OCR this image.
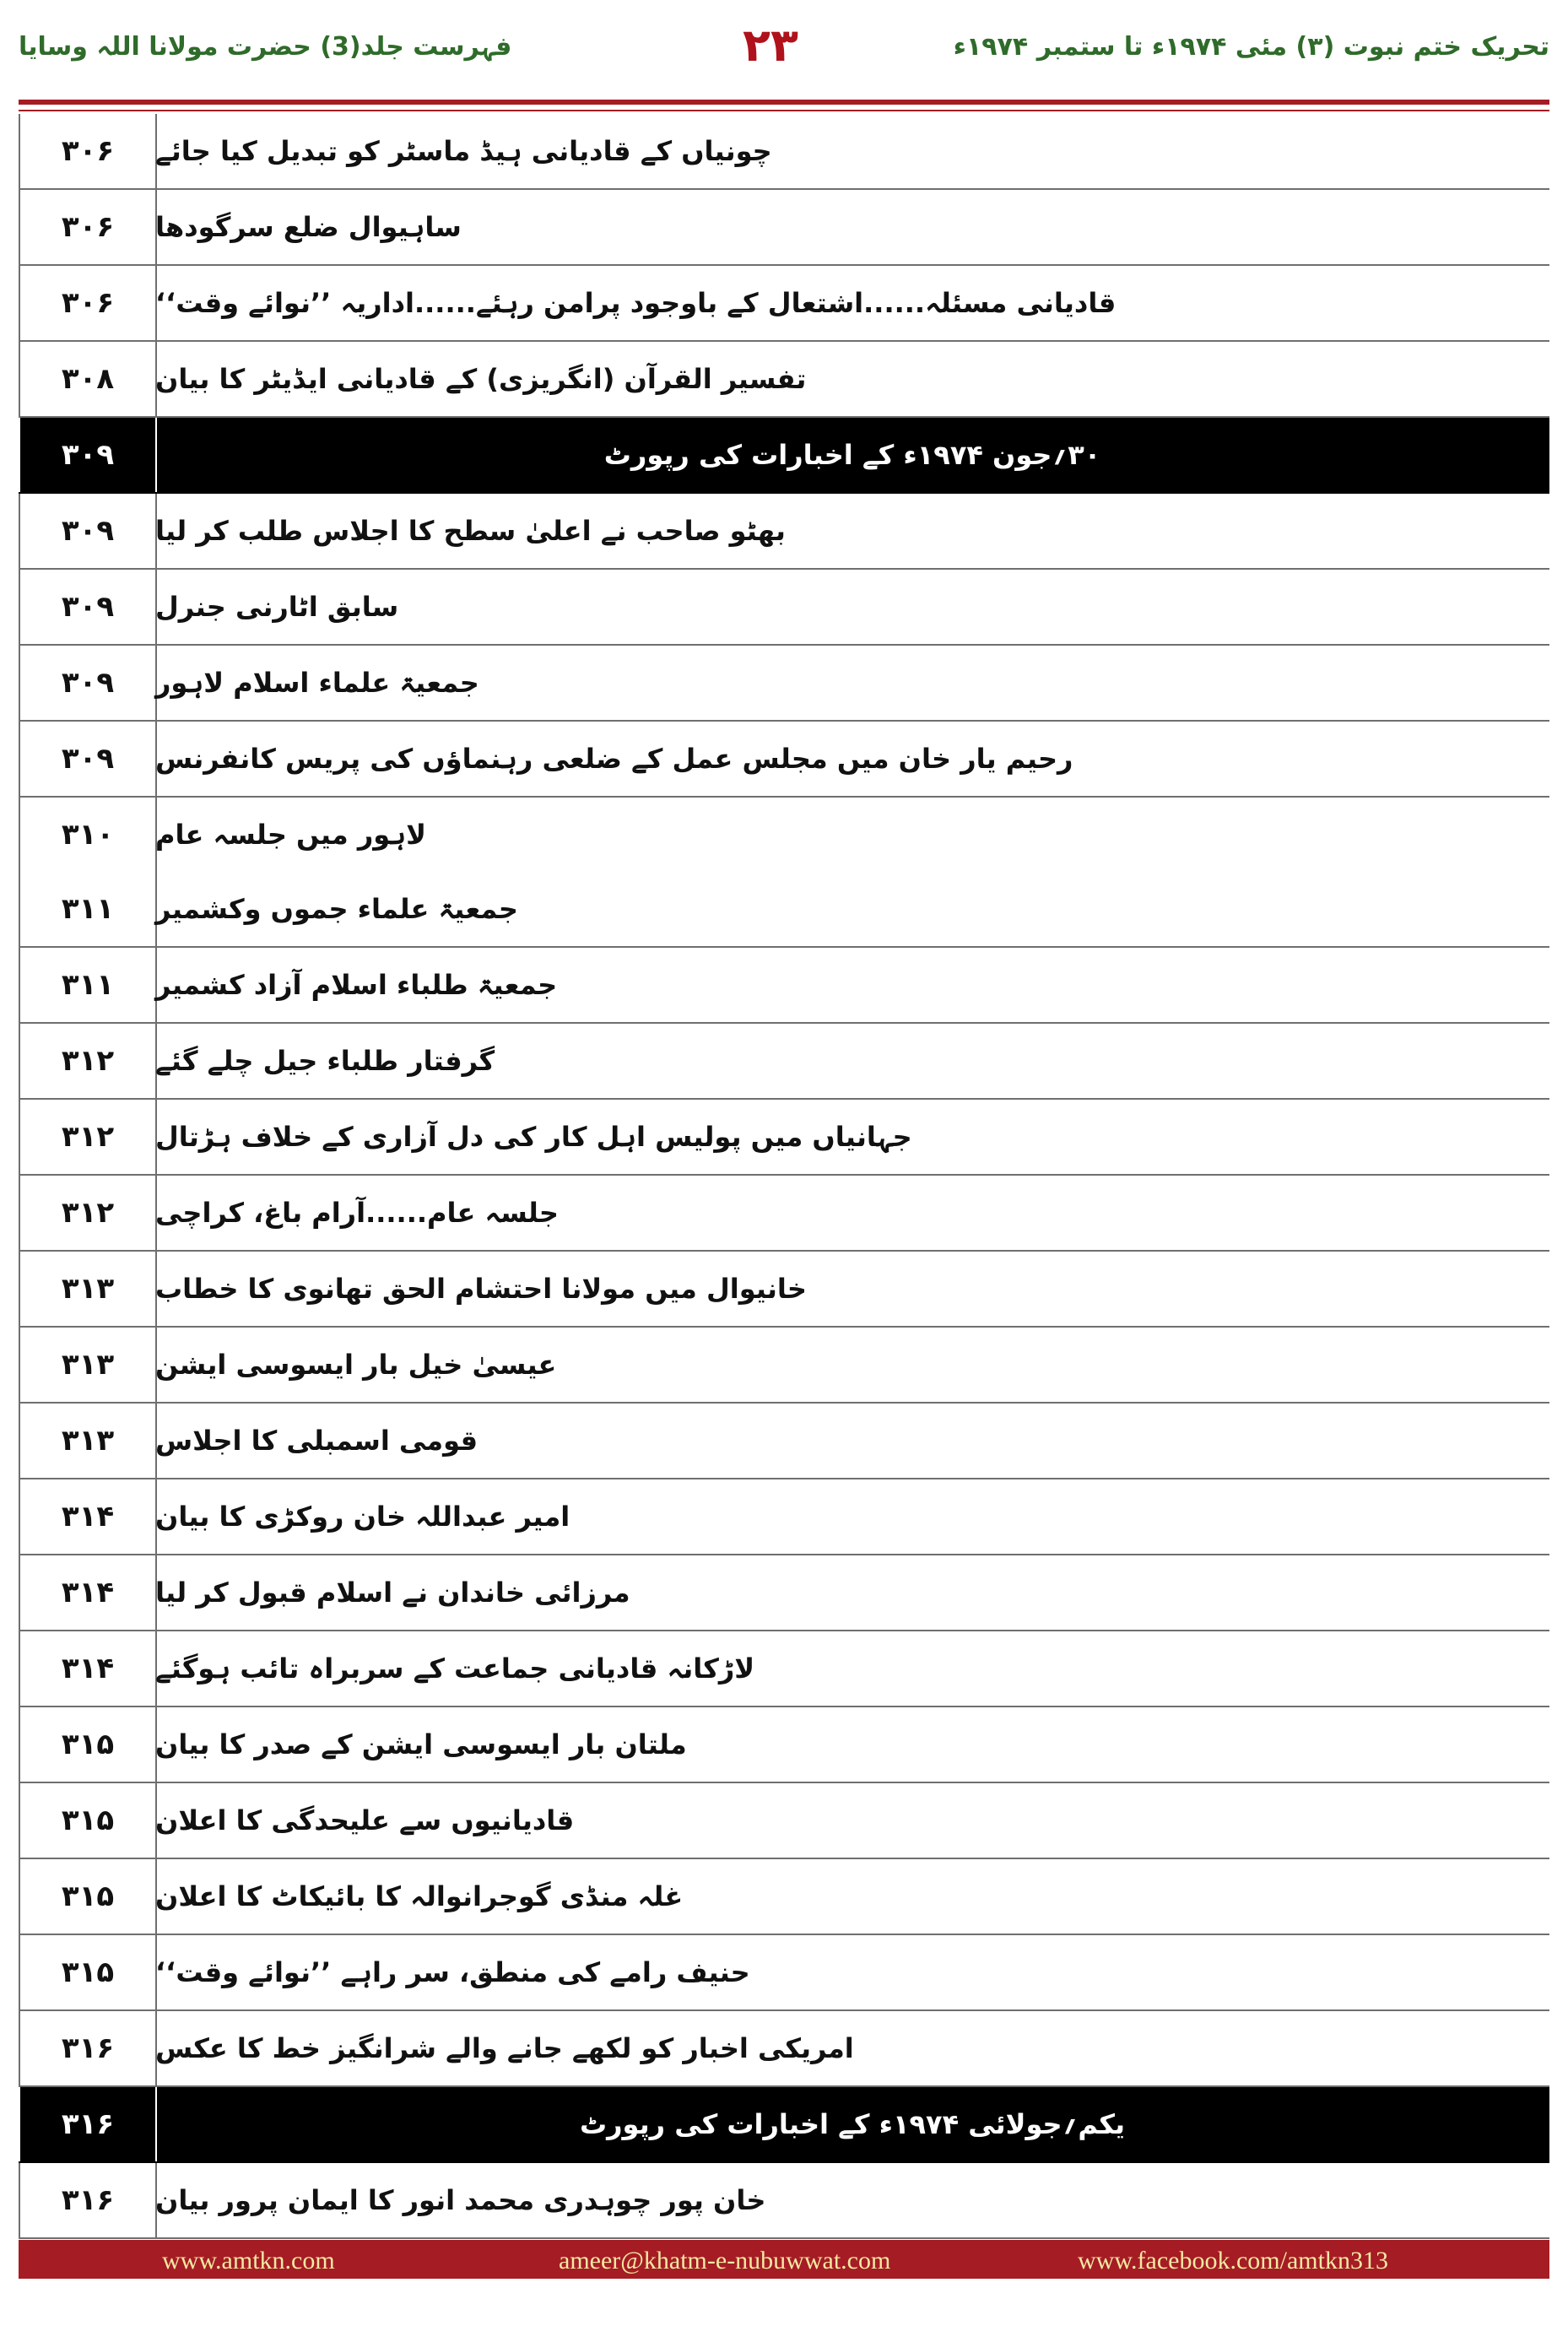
فہرست جلد(3) حضرت مولانا اللہ وسایا	۲۳	تحریک ختم نبوت (۳) مئی ۱۹۷۴ء تا ستمبر ۱۹۷۴ء
۳۰۶	چونیاں کے قادیانی ہیڈ ماسٹر کو تبدیل کیا جائے
۳۰۶	ساہیوال ضلع سرگودھا
۳۰۶	قادیانی مسئلہ......اشتعال کے باوجود پرامن رہئے......اداریہ ’’نوائے وقت‘‘
۳۰۸	تفسیر القرآن (انگریزی) کے قادیانی ایڈیٹر کا بیان
۳۰۹	۳۰؍جون ۱۹۷۴ء کے اخبارات کی رپورٹ
۳۰۹	بھٹو صاحب نے اعلیٰ سطح کا اجلاس طلب کر لیا
۳۰۹	سابق اٹارنی جنرل
۳۰۹	جمعیۃ علماء اسلام لاہور
۳۰۹	رحیم یار خان میں مجلس عمل کے ضلعی رہنماؤں کی پریس کانفرنس
۳۱۰	لاہور میں جلسہ عام
۳۱۱	جمعیۃ علماء جموں وکشمیر
۳۱۱	جمعیۃ طلباء اسلام آزاد کشمیر
۳۱۲	گرفتار طلباء جیل چلے گئے
۳۱۲	جہانیاں میں پولیس اہل کار کی دل آزاری کے خلاف ہڑتال
۳۱۲	جلسہ عام......آرام باغ، کراچی
۳۱۳	خانیوال میں مولانا احتشام الحق تھانوی کا خطاب
۳۱۳	عیسیٰ خیل بار ایسوسی ایشن
۳۱۳	قومی اسمبلی کا اجلاس
۳۱۴	امیر عبداللہ خان روکڑی کا بیان
۳۱۴	مرزائی خاندان نے اسلام قبول کر لیا
۳۱۴	لاڑکانہ قادیانی جماعت کے سربراہ تائب ہوگئے
۳۱۵	ملتان بار ایسوسی ایشن کے صدر کا بیان
۳۱۵	قادیانیوں سے علیحدگی کا اعلان
۳۱۵	غلہ منڈی گوجرانوالہ کا بائیکاٹ کا اعلان
۳۱۵	حنیف رامے کی منطق، سر راہے ’’نوائے وقت‘‘
۳۱۶	امریکی اخبار کو لکھے جانے والے شرانگیز خط کا عکس
۳۱۶	یکم؍جولائی ۱۹۷۴ء کے اخبارات کی رپورٹ
۳۱۶	خان پور چوہدری محمد انور کا ایمان پرور بیان
www.amtkn.com	ameer@khatm-e-nubuwwat.com	www.facebook.com/amtkn313
